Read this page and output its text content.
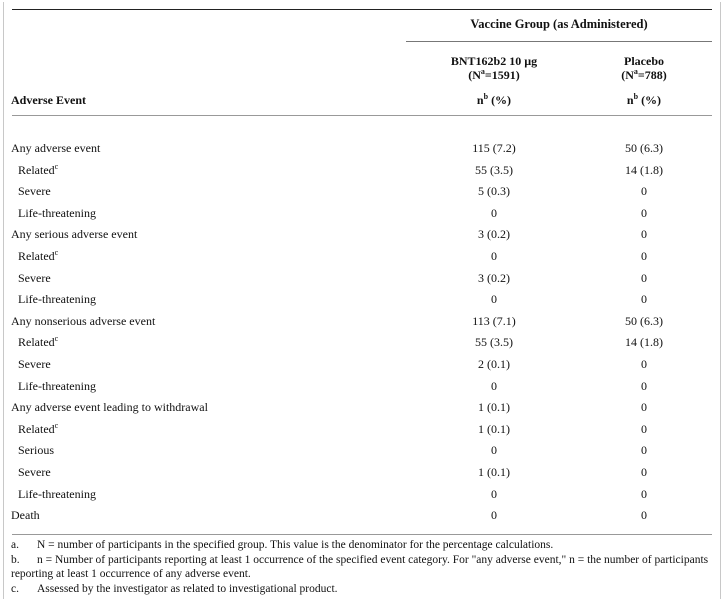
Vaccine Group (as Administered)
BNT162b2 10 µg
$(N^a=1591)$
Placebo
$(N^a=788)$
Adverse Event	$n^b$ (%)	$n^b$ (%)
Any adverse event	115 (7.2)	50 (6.3)
Related$^c$	55 (3.5)	14 (1.8)
Severe	5 (0.3)	0
Life-threatening	0	0
Any serious adverse event	3 (0.2)	0
Related$^c$	0	0
Severe	3 (0.2)	0
Life-threatening	0	0
Any nonserious adverse event	113 (7.1)	50 (6.3)
Related$^c$	55 (3.5)	14 (1.8)
Severe	2 (0.1)	0
Life-threatening	0	0
Any adverse event leading to withdrawal	1 (0.1)	0
Related$^c$	1 (0.1)	0
Serious	0	0
Severe	1 (0.1)	0
Life-threatening	0	0
Death	0	0
a. N = number of participants in the specified group. This value is the denominator for the percentage calculations.
b. n = Number of participants reporting at least 1 occurrence of the specified event category. For "any adverse event," n = the number of participants reporting at least 1 occurrence of any adverse event.
c. Assessed by the investigator as related to investigational product.
